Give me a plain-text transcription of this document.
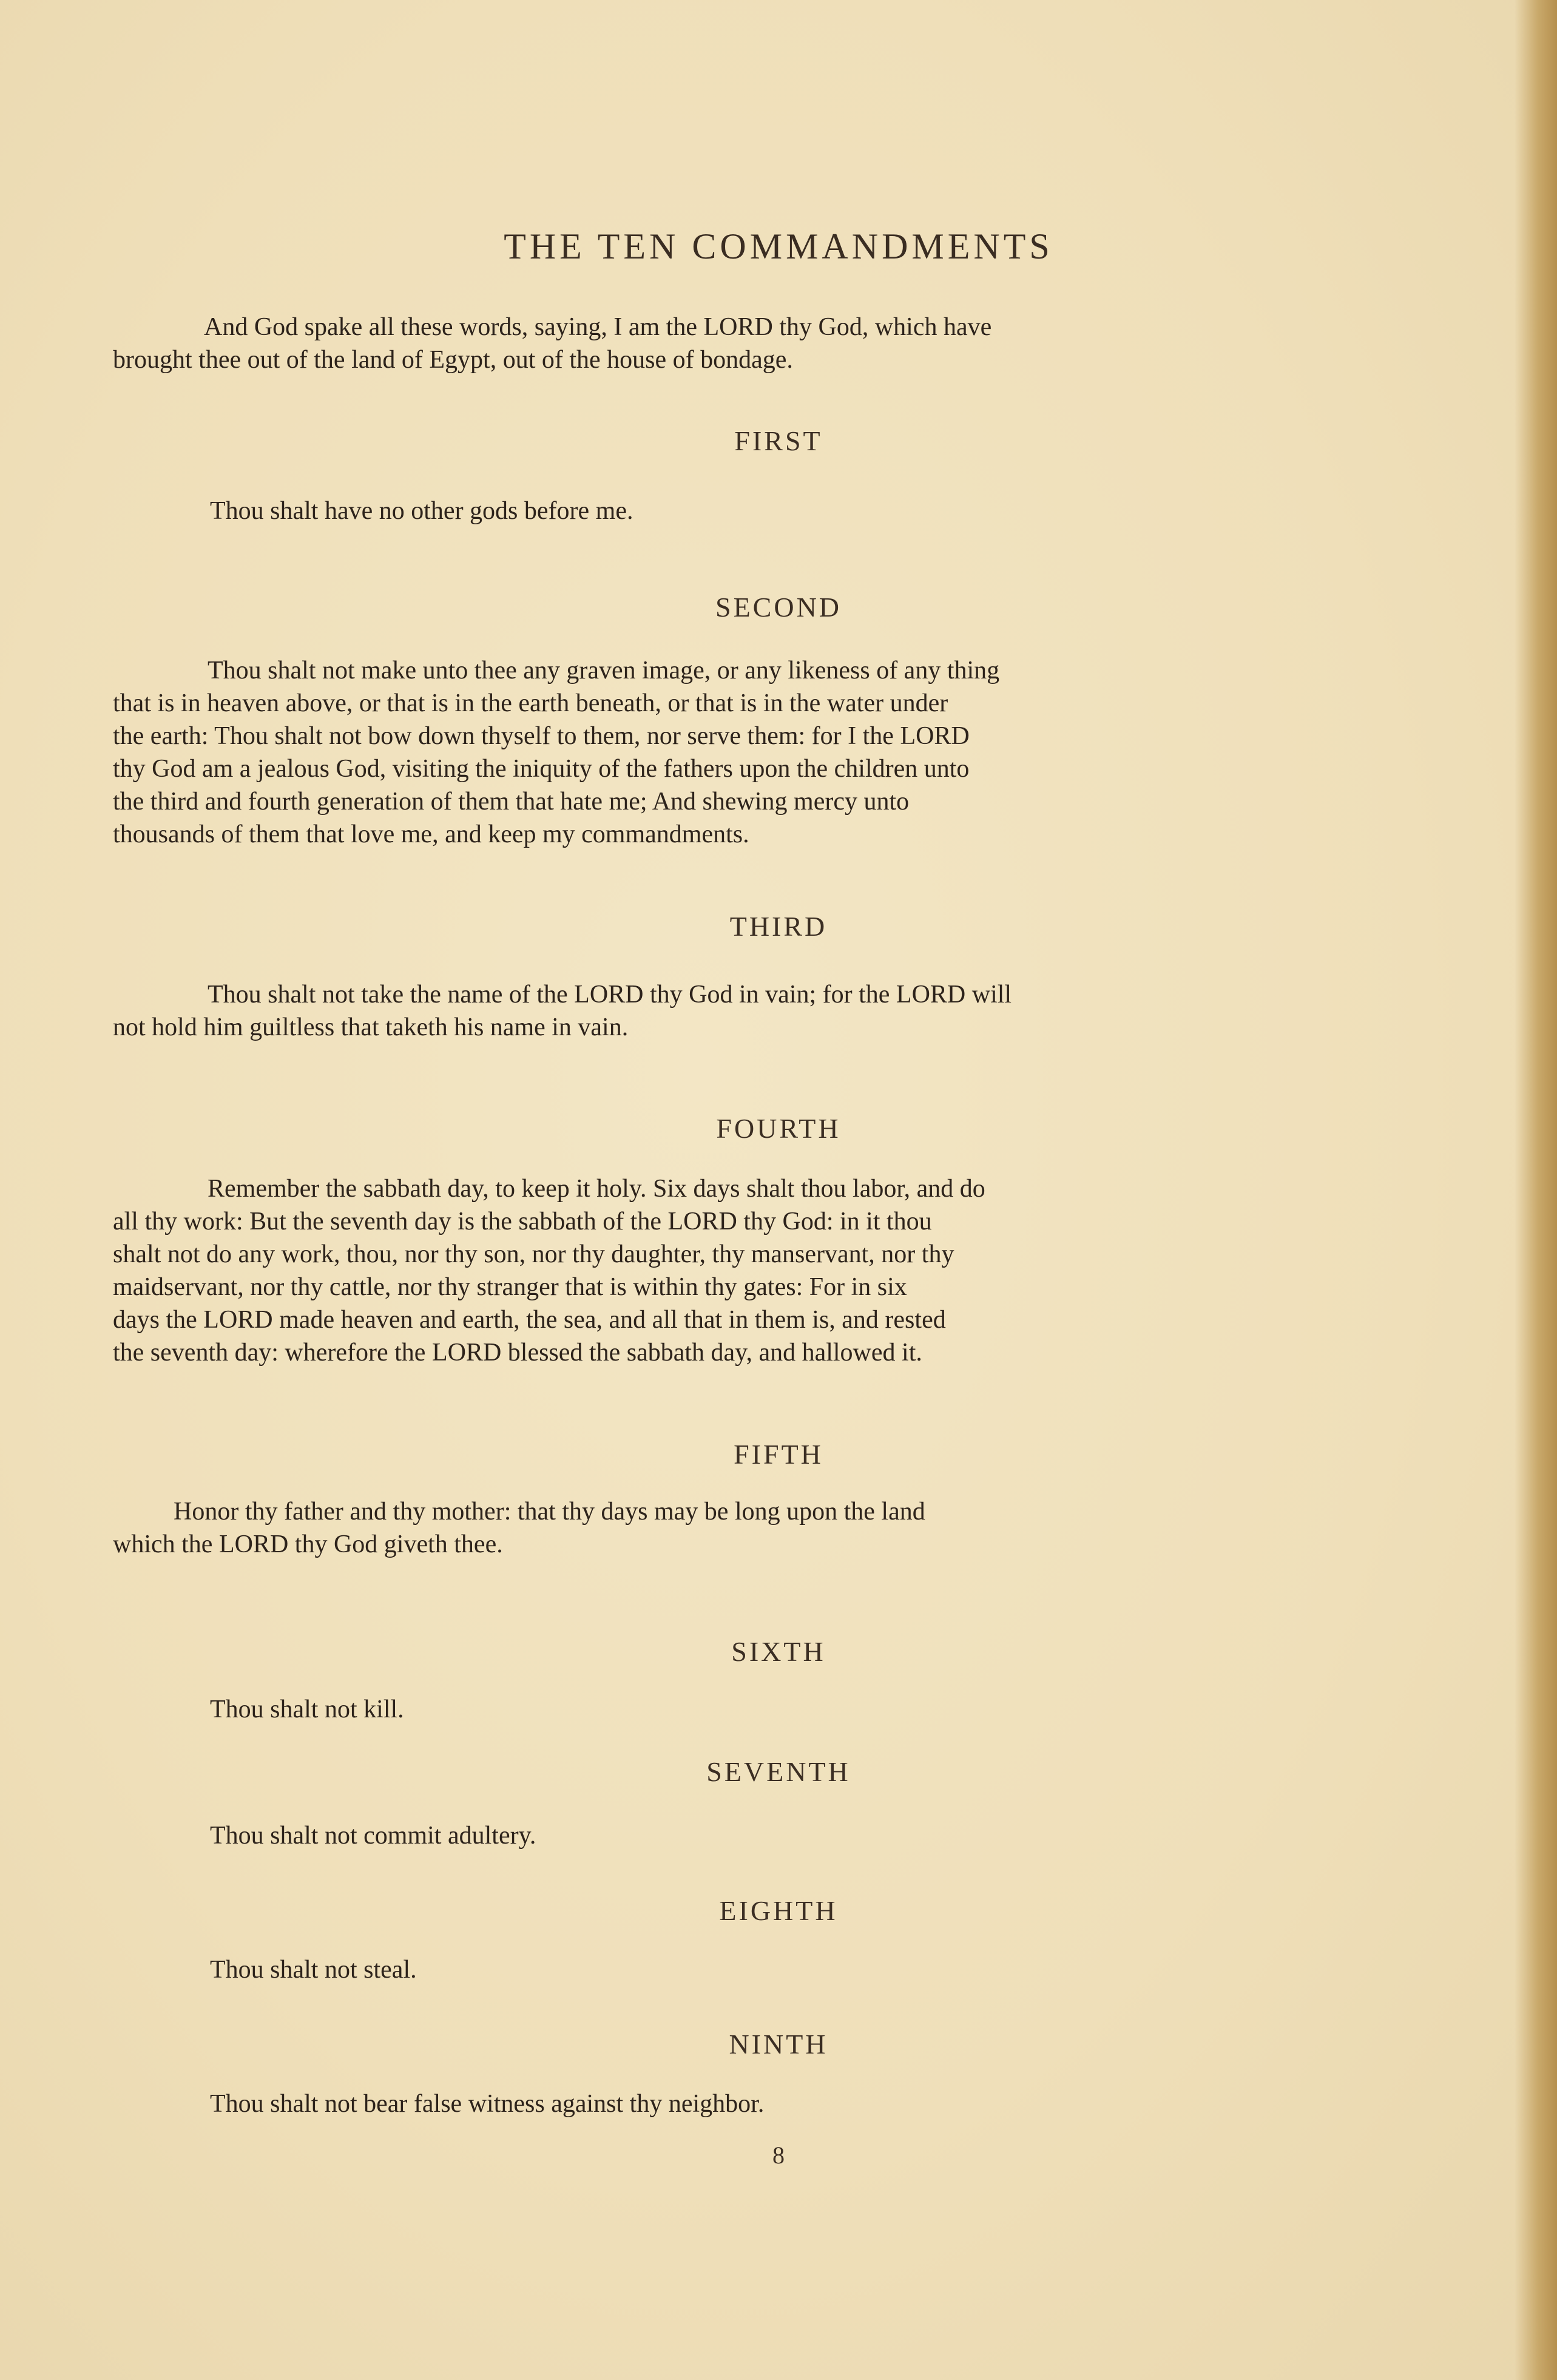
THE TEN COMMANDMENTS

And God spake all these words, saying, I am the LORD thy God, which have
brought thee out of the land of Egypt, out of the house of bondage.

FIRST

Thou shalt have no other gods before me.

SECOND

Thou shalt not make unto thee any graven image, or any likeness of any thing
that is in heaven above, or that is in the earth beneath, or that is in the water under
the earth: Thou shalt not bow down thyself to them, nor serve them: for I the LORD
thy God am a jealous God, visiting the iniquity of the fathers upon the children unto
the third and fourth generation of them that hate me; And shewing mercy unto
thousands of them that love me, and keep my commandments.

THIRD

Thou shalt not take the name of the LORD thy God in vain; for the LORD will
not hold him guiltless that taketh his name in vain.

FOURTH

Remember the sabbath day, to keep it holy. Six days shalt thou labor, and do
all thy work: But the seventh day is the sabbath of the LORD thy God: in it thou
shalt not do any work, thou, nor thy son, nor thy daughter, thy manservant, nor thy
maidservant, nor thy cattle, nor thy stranger that is within thy gates: For in six
days the LORD made heaven and earth, the sea, and all that in them is, and rested
the seventh day: wherefore the LORD blessed the sabbath day, and hallowed it.

FIFTH

Honor thy father and thy mother: that thy days may be long upon the land
which the LORD thy God giveth thee.

SIXTH

Thou shalt not kill.

SEVENTH

Thou shalt not commit adultery.

EIGHTH

Thou shalt not steal.

NINTH

Thou shalt not bear false witness against thy neighbor.

8
